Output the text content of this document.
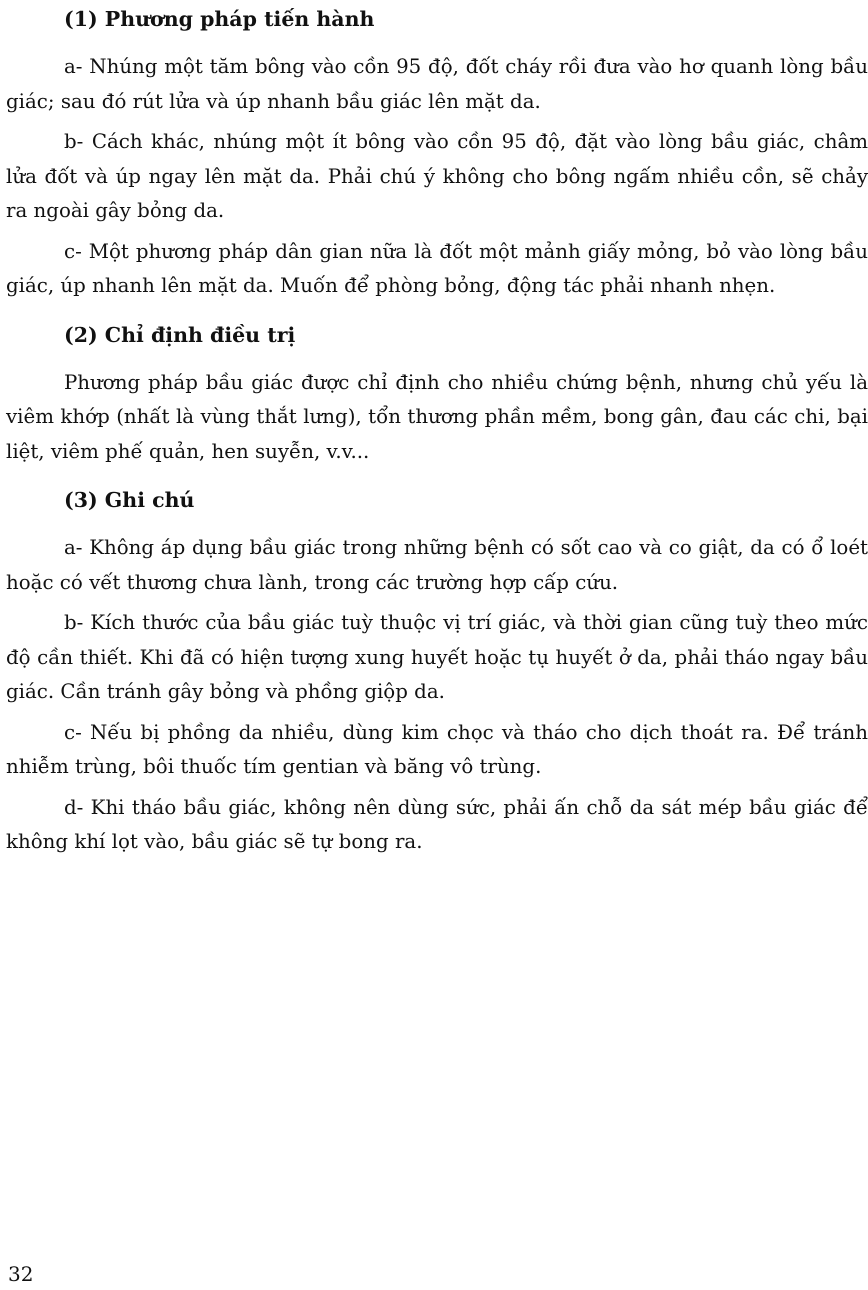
(1) Phương pháp tiến hành

a- Nhúng một tăm bông vào cồn 95 độ, đốt cháy rồi đưa vào hơ quanh lòng bầu giác; sau đó rút lửa và úp nhanh bầu giác lên mặt da.

b- Cách khác, nhúng một ít bông vào cồn 95 độ, đặt vào lòng bầu giác, châm lửa đốt và úp ngay lên mặt da. Phải chú ý không cho bông ngấm nhiều cồn, sẽ chảy ra ngoài gây bỏng da.

c- Một phương pháp dân gian nữa là đốt một mảnh giấy mỏng, bỏ vào lòng bầu giác, úp nhanh lên mặt da. Muốn để phòng bỏng, động tác phải nhanh nhẹn.

(2) Chỉ định điều trị

Phương pháp bầu giác được chỉ định cho nhiều chứng bệnh, nhưng chủ yếu là viêm khớp (nhất là vùng thắt lưng), tổn thương phần mềm, bong gân, đau các chi, bại liệt, viêm phế quản, hen suyễn, v.v...

(3) Ghi chú

a- Không áp dụng bầu giác trong những bệnh có sốt cao và co giật, da có ổ loét hoặc có vết thương chưa lành, trong các trường hợp cấp cứu.

b- Kích thước của bầu giác tuỳ thuộc vị trí giác, và thời gian cũng tuỳ theo mức độ cần thiết. Khi đã có hiện tượng xung huyết hoặc tụ huyết ở da, phải tháo ngay bầu giác. Cần tránh gây bỏng và phồng giộp da.

c- Nếu bị phồng da nhiều, dùng kim chọc và tháo cho dịch thoát ra. Để tránh nhiễm trùng, bôi thuốc tím gentian và băng vô trùng.

d- Khi tháo bầu giác, không nên dùng sức, phải ấn chỗ da sát mép bầu giác để không khí lọt vào, bầu giác sẽ tự bong ra.

32
